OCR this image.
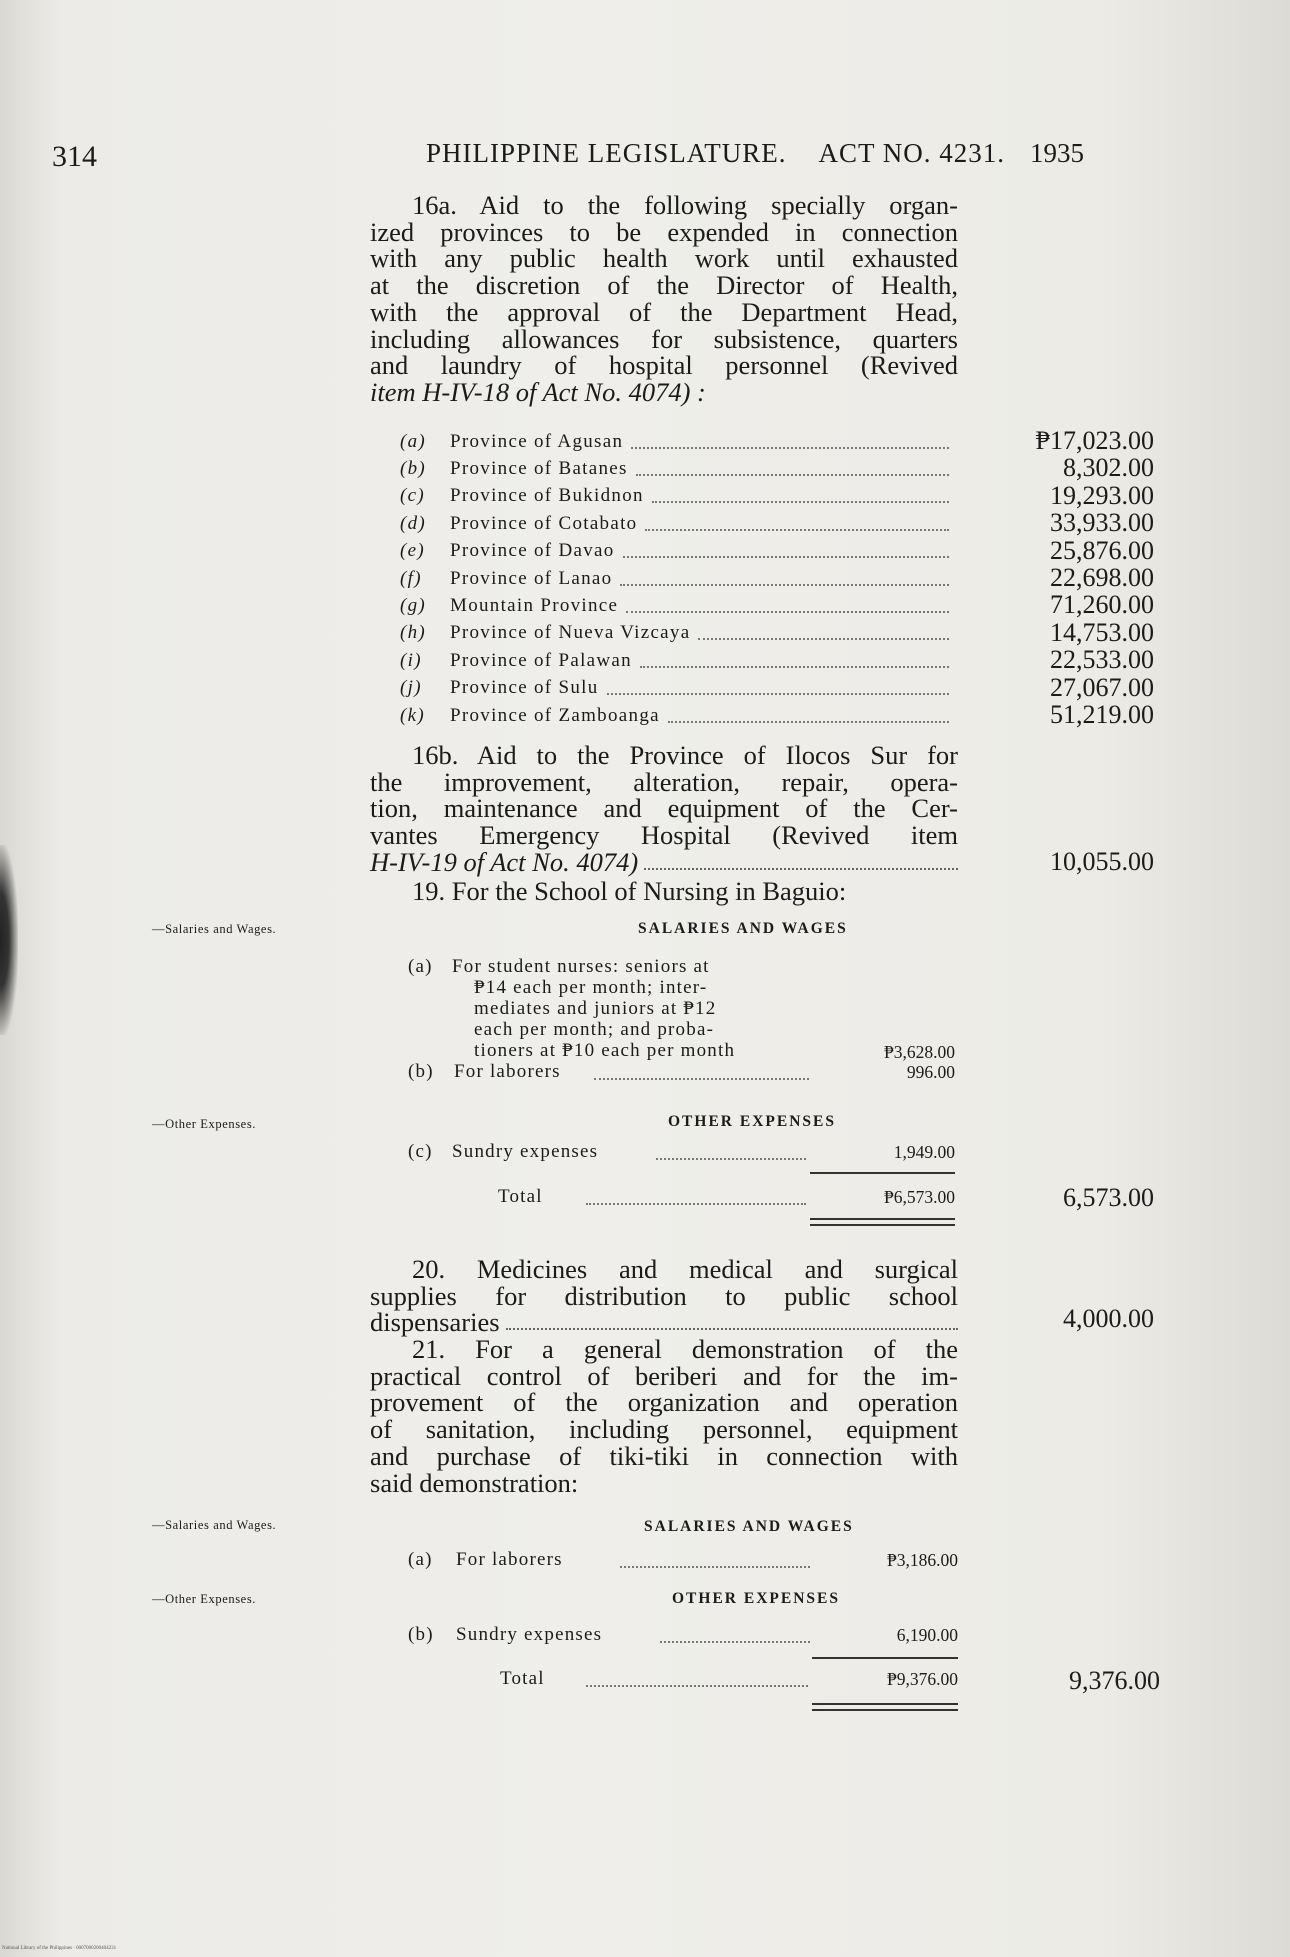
314	PHILIPPINE LEGISLATURE. ACT NO. 4231. 1935
16a. Aid to the following specially organ-
ized provinces to be expended in connection
with any public health work until exhausted
at the discretion of the Director of Health,
with the approval of the Department Head,
including allowances for subsistence, quarters
and laundry of hospital personnel (Revived
item H-IV-18 of Act No. 4074) :
(a)	Province of Agusan	₱17,023.00
(b)	Province of Batanes	8,302.00
(c)	Province of Bukidnon	19,293.00
(d)	Province of Cotabato	33,933.00
(e)	Province of Davao	25,876.00
(f)	Province of Lanao	22,698.00
(g)	Mountain Province	71,260.00
(h)	Province of Nueva Vizcaya	14,753.00
(i)	Province of Palawan	22,533.00
(j)	Province of Sulu	27,067.00
(k)	Province of Zamboanga	51,219.00
16b. Aid to the Province of Ilocos Sur for
the improvement, alteration, repair, opera-
tion, maintenance and equipment of the Cer-
vantes Emergency Hospital (Revived item
H-IV-19 of Act No. 4074)	10,055.00
19. For the School of Nursing in Baguio:
—Salaries and Wages.	SALARIES AND WAGES
(a) For student nurses: seniors at
₱14 each per month; inter-
mediates and juniors at ₱12
each per month; and proba-
tioners at ₱10 each per month	₱3,628.00
(b) For laborers	996.00
—Other Expenses.	OTHER EXPENSES
(c) Sundry expenses	1,949.00
Total	₱6,573.00	6,573.00
20. Medicines and medical and surgical
supplies for distribution to public school
dispensaries	4,000.00
21. For a general demonstration of the
practical control of beriberi and for the im-
provement of the organization and operation
of sanitation, including personnel, equipment
and purchase of tiki-tiki in connection with
said demonstration:
—Salaries and Wages.	SALARIES AND WAGES
(a) For laborers	₱3,186.00
—Other Expenses.	OTHER EXPENSES
(b) Sundry expenses	6,190.00
Total	₱9,376.00	9,376.00
National Library of the Philippines · 0007000200404231
